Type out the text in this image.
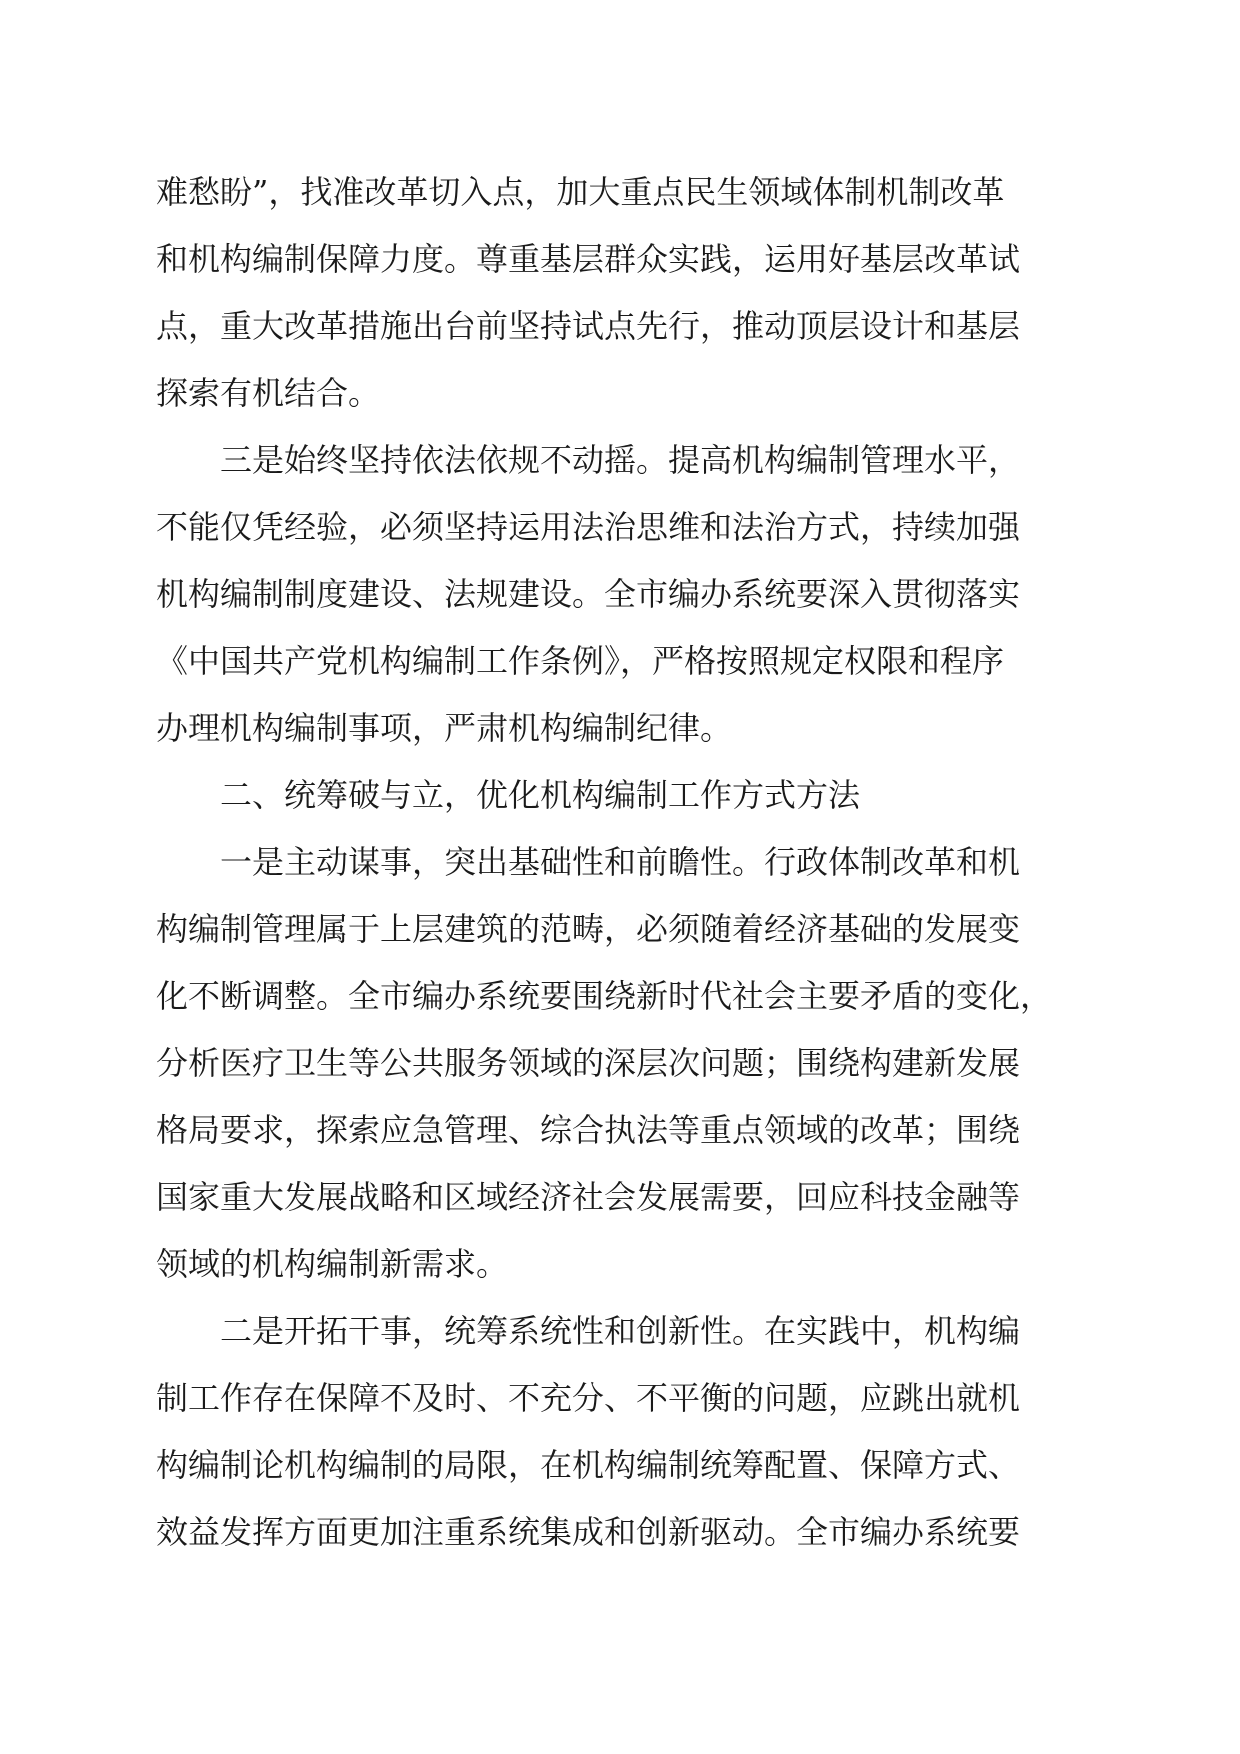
难愁盼”，找准改革切入点，加大重点民生领域体制机制改革
和机构编制保障力度。尊重基层群众实践，运用好基层改革试
点，重大改革措施出台前坚持试点先行，推动顶层设计和基层
探索有机结合。
三是始终坚持依法依规不动摇。提高机构编制管理水平，
不能仅凭经验，必须坚持运用法治思维和法治方式，持续加强
机构编制制度建设、法规建设。全市编办系统要深入贯彻落实
《中国共产党机构编制工作条例》，严格按照规定权限和程序
办理机构编制事项，严肃机构编制纪律。
二、统筹破与立，优化机构编制工作方式方法
一是主动谋事，突出基础性和前瞻性。行政体制改革和机
构编制管理属于上层建筑的范畴，必须随着经济基础的发展变
化不断调整。全市编办系统要围绕新时代社会主要矛盾的变化，
分析医疗卫生等公共服务领域的深层次问题；围绕构建新发展
格局要求，探索应急管理、综合执法等重点领域的改革；围绕
国家重大发展战略和区域经济社会发展需要，回应科技金融等
领域的机构编制新需求。
二是开拓干事，统筹系统性和创新性。在实践中，机构编
制工作存在保障不及时、不充分、不平衡的问题，应跳出就机
构编制论机构编制的局限，在机构编制统筹配置、保障方式、
效益发挥方面更加注重系统集成和创新驱动。全市编办系统要
